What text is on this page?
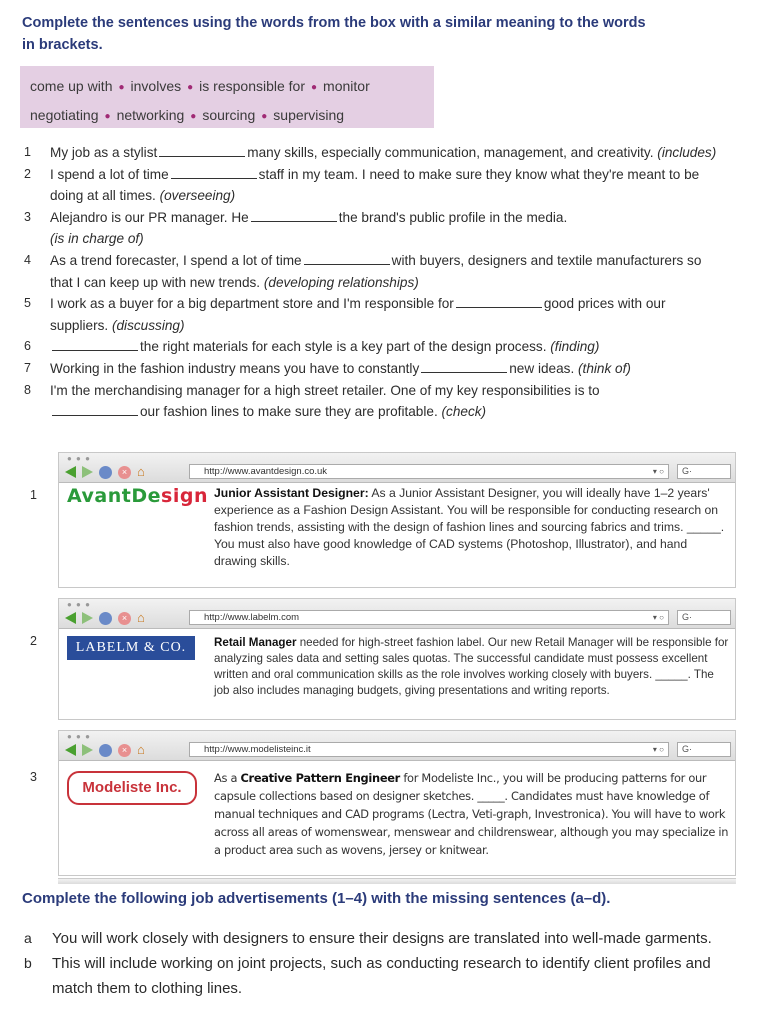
Complete the sentences using the words from the box with a similar meaning to the words in brackets.
come up with ● involves ● is responsible for ● monitor
negotiating ● networking ● sourcing ● supervising
1	My job as a stylist	many skills, especially communication, management, and creativity. (includes)
2	I spend a lot of time	staff in my team. I need to make sure they know what they're meant to be doing at all times. (overseeing)
3	Alejandro is our PR manager. He	the brand's public profile in the media.
(is in charge of)
4	As a trend forecaster, I spend a lot of time	with buyers, designers and textile manufacturers so that I can keep up with new trends. (developing relationships)
5	I work as a buyer for a big department store and I'm responsible for	good prices with our suppliers. (discussing)
6	the right materials for each style is a key part of the design process. (finding)
7	Working in the fashion industry means you have to constantly	new ideas. (think of)
8	I'm the merchandising manager for a high street retailer. One of my key responsibilities is to
our fashion lines to make sure they are profitable. (check)
1
● ● ●
× ⌂	http://www.avantdesign.co.uk	▾ ○	G·
AvantDesign Junior Assistant Designer: As a Junior Assistant Designer, you will ideally have 1–2 years' experience as a Fashion Design Assistant. You will be responsible for conducting research on fashion trends, assisting with the design of fashion lines and sourcing fabrics and trims. _____. You must also have good knowledge of CAD systems (Photoshop, Illustrator), and hand drawing skills.
2
● ● ●
× ⌂	http://www.labelm.com	▾ ○	G·
LABELM & CO.	Retail Manager needed for high-street fashion label. Our new Retail Manager will be responsible for analyzing sales data and setting sales quotas. The successful candidate must possess excellent written and oral communication skills as the role involves working closely with buyers. _____. The job also includes managing budgets, giving presentations and writing reports.
3
● ● ●
× ⌂	http://www.modelisteinc.it	▾ ○	G·
Modeliste Inc.
As a Creative Pattern Engineer for Modeliste Inc., you will be producing patterns for our capsule collections based on designer sketches. _____. Candidates must have knowledge of manual techniques and CAD programs (Lectra, Veti-graph, Investronica). You will have to work across all areas of womenswear, menswear and childrenswear, although you may specialize in a product area such as wovens, jersey or knitwear.
Complete the following job advertisements (1–4) with the missing sentences (a–d).
a	You will work closely with designers to ensure their designs are translated into well-made garments.
b	This will include working on joint projects, such as conducting research to identify client profiles and match them to clothing lines.
